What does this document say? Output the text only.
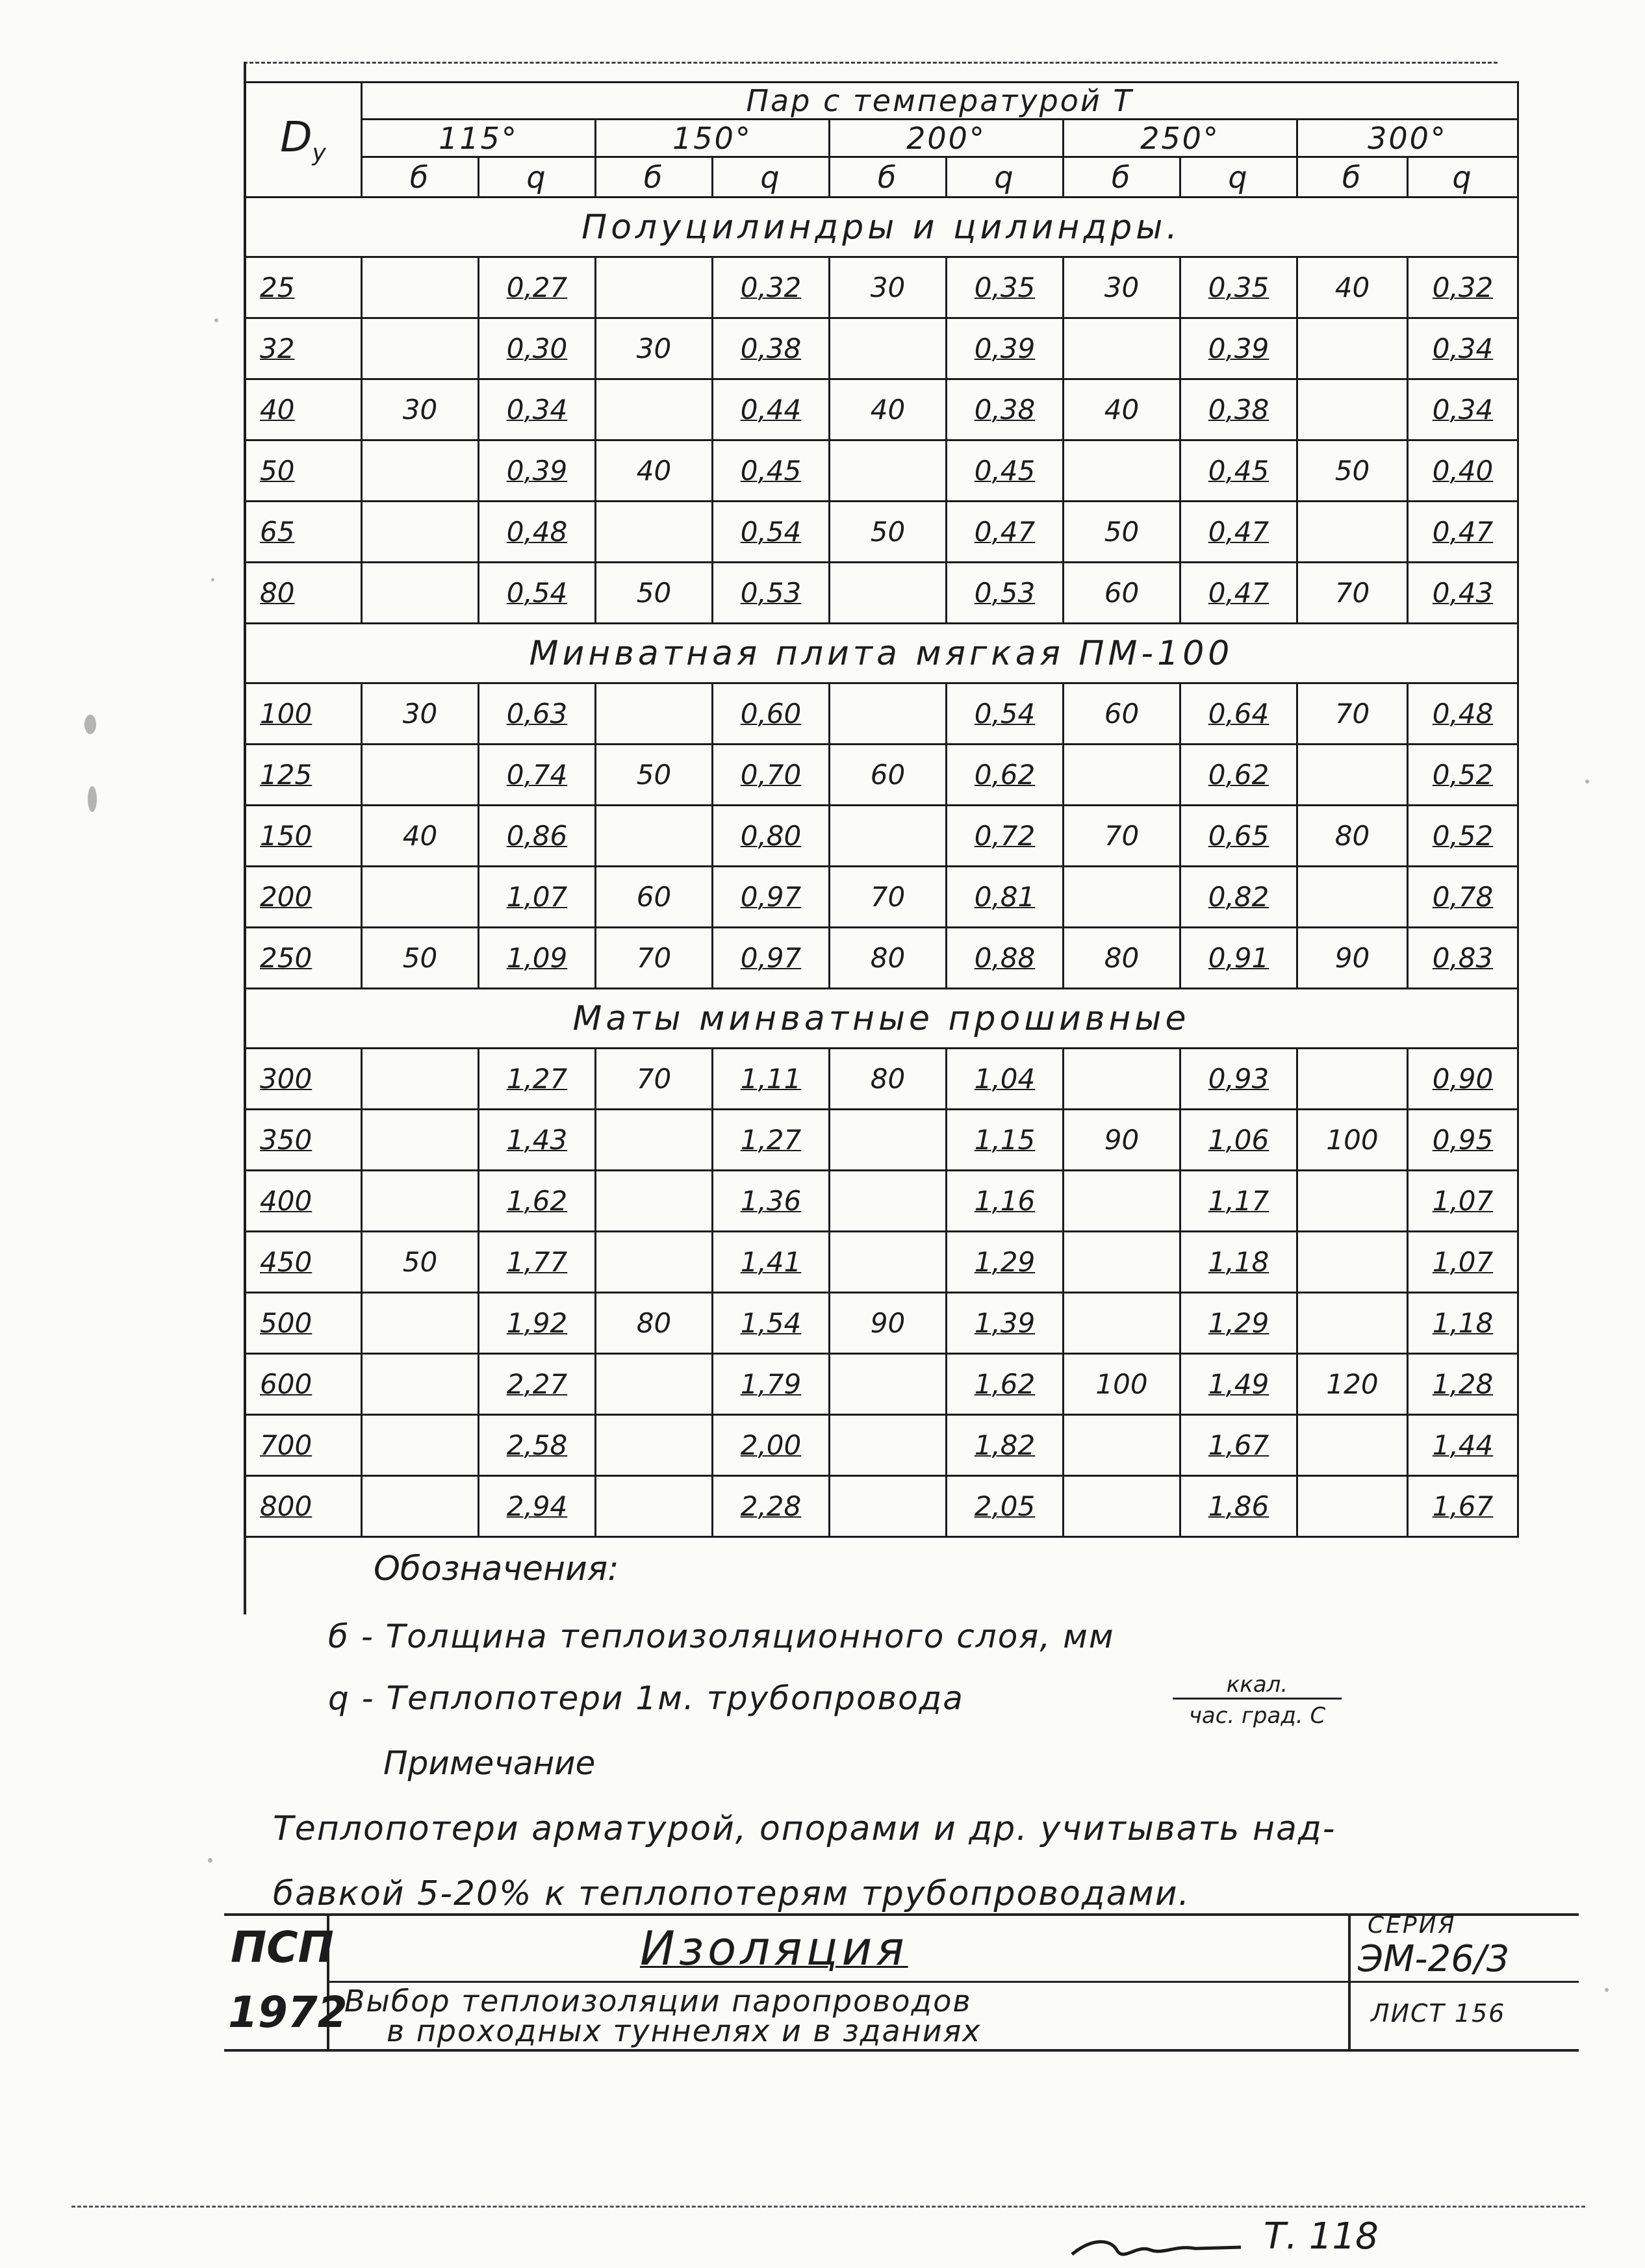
$D_у$	Пар с температурой Т									
	115°		150°		200°		250°		300°	
	б	q	б	q	б	q	б	q	б	q
Полуцилиндры и цилиндры.										
25		0,27		0,32	30	0,35	30	0,35	40	0,32
32		0,30	30	0,38		0,39		0,39		0,34
40	30	0,34		0,44	40	0,38	40	0,38		0,34
50		0,39	40	0,45		0,45		0,45	50	0,40
65		0,48		0,54	50	0,47	50	0,47		0,47
80		0,54	50	0,53		0,53	60	0,47	70	0,43
Минватная плита мягкая ПМ-100										
100	30	0,63		0,60		0,54	60	0,64	70	0,48
125		0,74	50	0,70	60	0,62		0,62		0,52
150	40	0,86		0,80		0,72	70	0,65	80	0,52
200		1,07	60	0,97	70	0,81		0,82		0,78
250	50	1,09	70	0,97	80	0,88	80	0,91	90	0,83
Маты минватные прошивные										
300		1,27	70	1,11	80	1,04		0,93		0,90
350		1,43		1,27		1,15	90	1,06	100	0,95
400		1,62		1,36		1,16		1,17		1,07
450	50	1,77		1,41		1,29		1,18		1,07
500		1,92	80	1,54	90	1,39		1,29		1,18
600		2,27		1,79		1,62	100	1,49	120	1,28
700		2,58		2,00		1,82		1,67		1,44
800		2,94		2,28		2,05		1,86		1,67
Обозначения:
б - Толщина теплоизоляционного слоя, мм
q - Теплопотери 1м. трубопровода	ккал.
час. град. С
Примечание
Теплопотери арматурой, опорами и др. учитывать над-
бавкой 5-20% к теплопотерям трубопроводами.
ПСП
1972
Изоляция
Выбор теплоизоляции паропроводов
в проходных туннелях и в зданиях
СЕРИЯ
ЭМ-26/3
ЛИСТ 156
Т. 118
